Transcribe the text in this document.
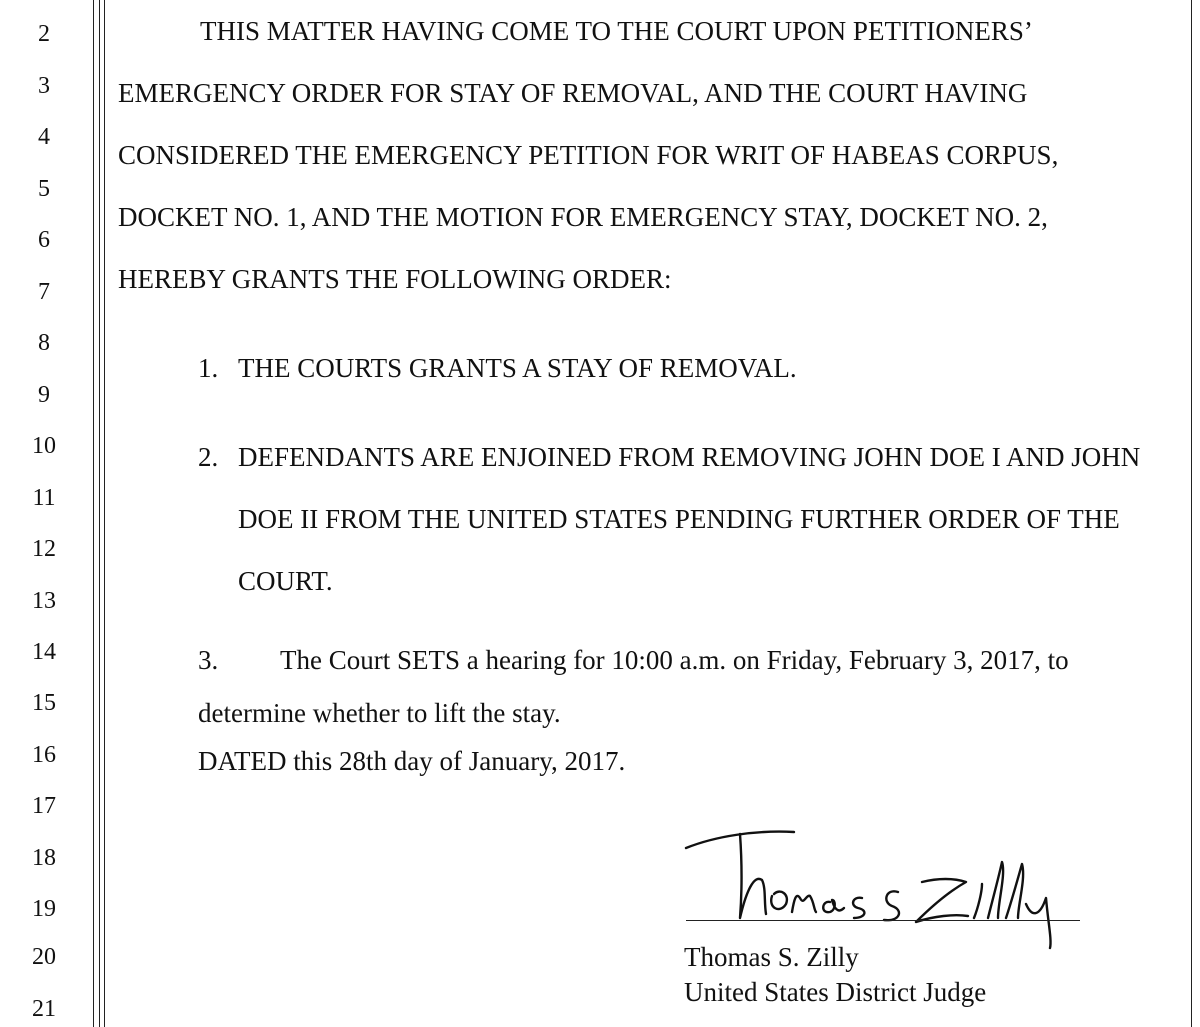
2
3
4
5
6
7
8
9
10
11
12
13
14
15
16
17
18
19
20
21
THIS MATTER HAVING COME TO THE COURT UPON PETITIONERS’
EMERGENCY ORDER FOR STAY OF REMOVAL, AND THE COURT HAVING
CONSIDERED THE EMERGENCY PETITION FOR WRIT OF HABEAS CORPUS,
DOCKET NO. 1, AND THE MOTION FOR EMERGENCY STAY, DOCKET NO. 2,
HEREBY GRANTS THE FOLLOWING ORDER:
1. THE COURTS GRANTS A STAY OF REMOVAL.
2. DEFENDANTS ARE ENJOINED FROM REMOVING JOHN DOE I AND JOHN
DOE II FROM THE UNITED STATES PENDING FURTHER ORDER OF THE
COURT.
3. The Court SETS a hearing for 10:00 a.m. on Friday, February 3, 2017, to
determine whether to lift the stay.
DATED this 28th day of January, 2017.
Thomas S. Zilly
United States District Judge
